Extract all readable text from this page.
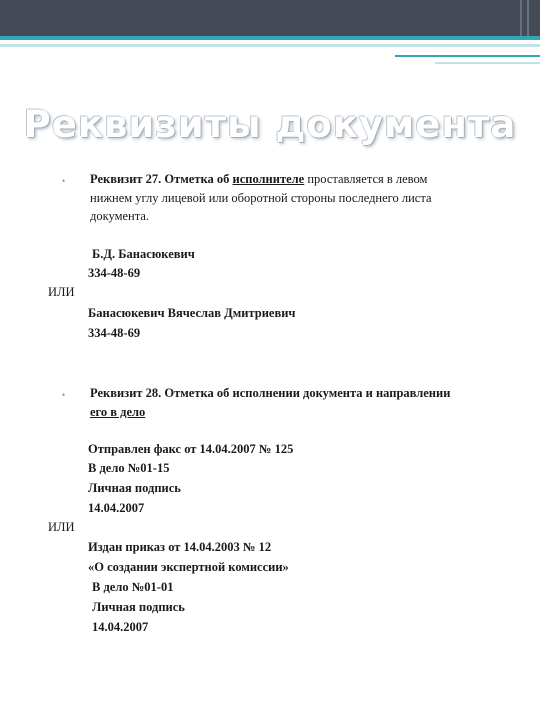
Реквизиты документа
• Реквизит 27. Отметка об исполнителе проставляется в левом
нижнем углу лицевой или оборотной стороны последнего листа
документа.
Б.Д. Банасюкевич
334-48-69
ИЛИ
Банасюкевич Вячеслав Дмитриевич
334-48-69
• Реквизит 28. Отметка об исполнении документа и направлении
его в дело
Отправлен факс от 14.04.2007 № 125
В дело №01-15
Личная подпись
14.04.2007
ИЛИ
Издан приказ от 14.04.2003 № 12
«О создании экспертной комиссии»
В дело №01-01
Личная подпись
14.04.2007
